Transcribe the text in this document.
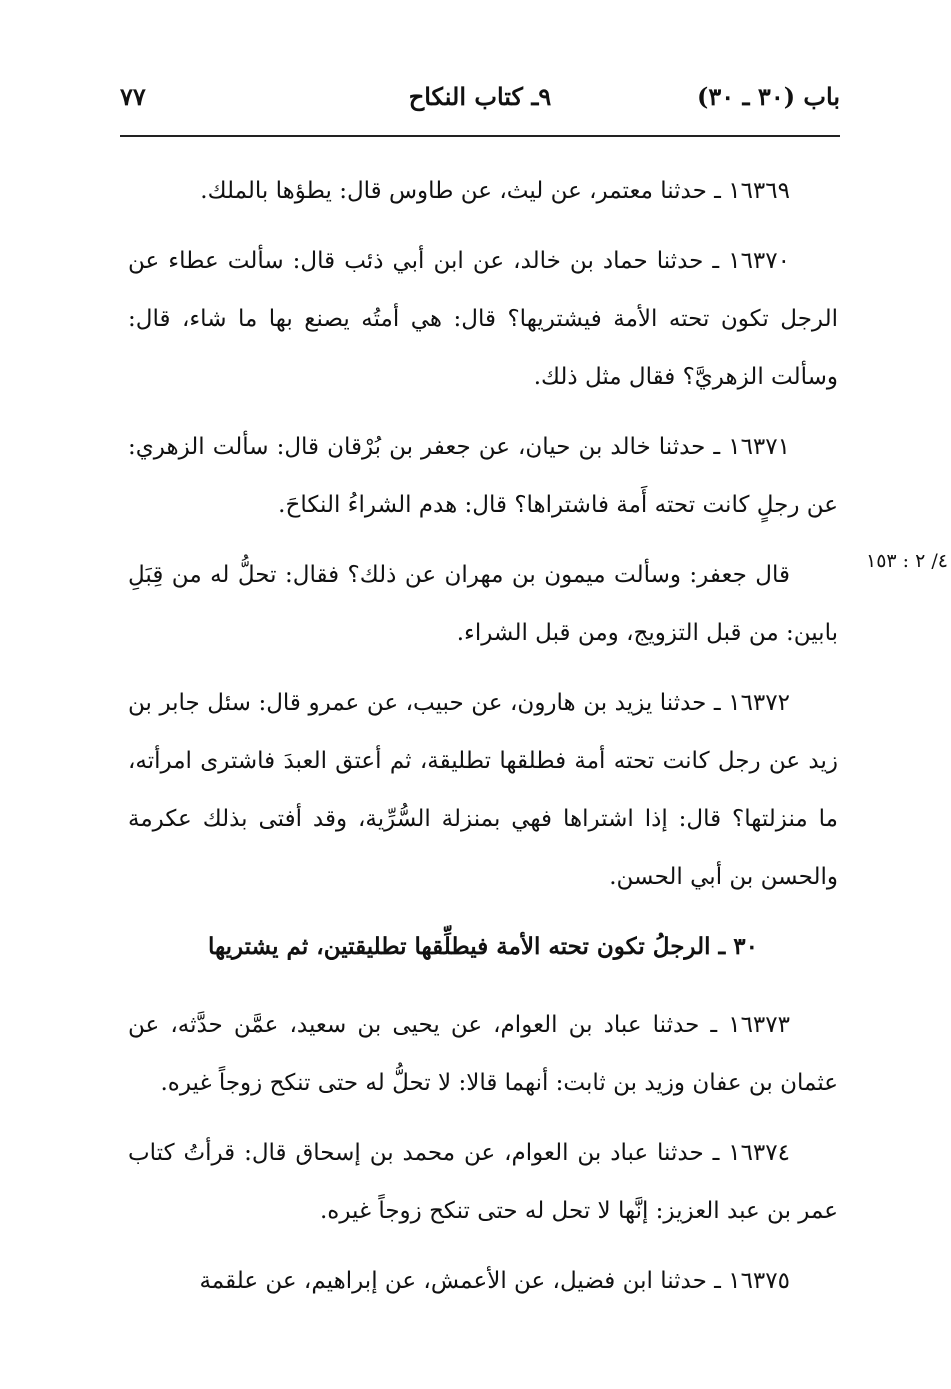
باب (٣٠ ـ ٣٠)
٩ـ كتاب النكاح
٧٧
٤/ ٢ : ١٥٣

١٦٣٦٩ ـ حدثنا معتمر، عن ليث، عن طاوس قال: يطؤها بالملك.

١٦٣٧٠ ـ حدثنا حماد بن خالد، عن ابن أبي ذئب قال: سألت عطاء عن الرجل تكون تحته الأمة فيشتريها؟ قال: هي أمتُه يصنع بها ما شاء، قال: وسألت الزهريَّ؟ فقال مثل ذلك.

١٦٣٧١ ـ حدثنا خالد بن حيان، عن جعفر بن بُرْقان قال: سألت الزهري: عن رجلٍ كانت تحته أَمة فاشتراها؟ قال: هدم الشراءُ النكاحَ.

قال جعفر: وسألت ميمون بن مهران عن ذلك؟ فقال: تحلُّ له من قِبَلِ بابين: من قبل التزويج، ومن قبل الشراء.

١٦٣٧٢ ـ حدثنا يزيد بن هارون، عن حبيب، عن عمرو قال: سئل جابر بن زيد عن رجل كانت تحته أمة فطلقها تطليقة، ثم أعتق العبدَ فاشترى امرأته، ما منزلتها؟ قال: إذا اشتراها فهي بمنزلة السُّرِّية، وقد أفتى بذلك عكرمة والحسن بن أبي الحسن.

٣٠ ـ الرجلُ تكون تحته الأمة فيطلِّقها تطليقتين، ثم يشتريها

١٦٣٧٣ ـ حدثنا عباد بن العوام، عن يحيى بن سعيد، عمَّن حدَّثه، عن عثمان بن عفان وزيد بن ثابت: أنهما قالا: لا تحلُّ له حتى تنكح زوجاً غيره.

١٦٣٧٤ ـ حدثنا عباد بن العوام، عن محمد بن إسحاق قال: قرأتُ كتاب عمر بن عبد العزيز: إنَّها لا تحل له حتى تنكح زوجاً غيره.

١٦٣٧٥ ـ حدثنا ابن فضيل، عن الأعمش، عن إبراهيم، عن علقمة
